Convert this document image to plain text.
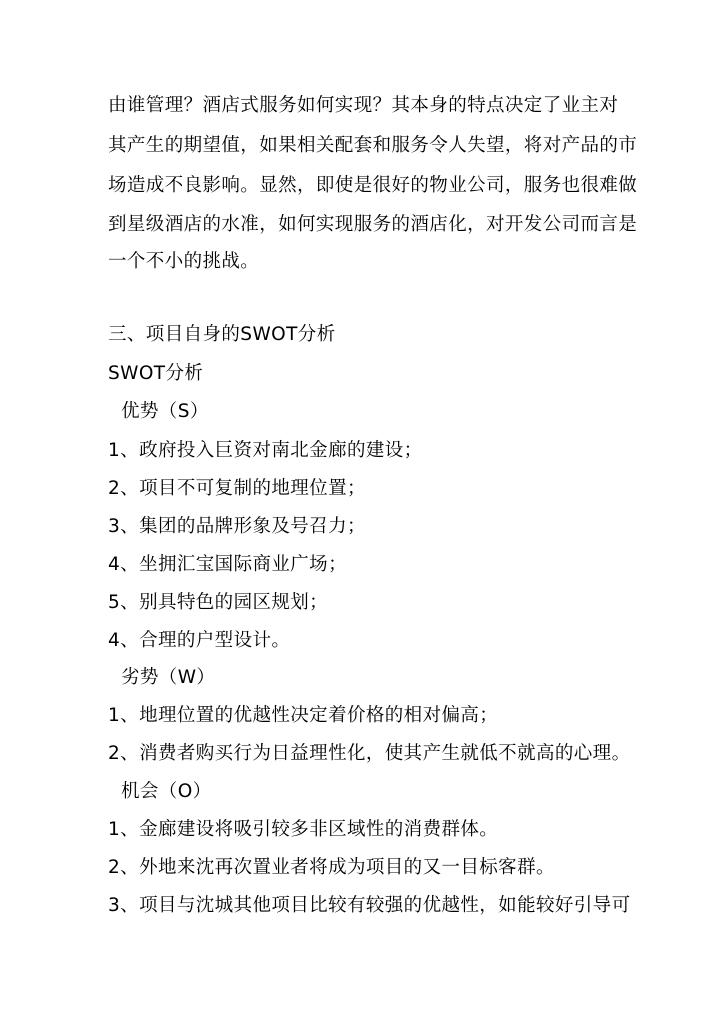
由谁管理？酒店式服务如何实现？其本身的特点决定了业主对

其产生的期望值，如果相关配套和服务令人失望，将对产品的市

场造成不良影响。显然，即使是很好的物业公司，服务也很难做

到星级酒店的水准，如何实现服务的酒店化，对开发公司而言是

一个不小的挑战。

三、项目自身的SWOT分析

SWOT分析

优势（S）

1、政府投入巨资对南北金廊的建设；

2、项目不可复制的地理位置；

3、集团的品牌形象及号召力；

4、坐拥汇宝国际商业广场；

5、别具特色的园区规划；

4、合理的户型设计。

劣势（W）

1、地理位置的优越性决定着价格的相对偏高；

2、消费者购买行为日益理性化，使其产生就低不就高的心理。

机会（O）

1、金廊建设将吸引较多非区域性的消费群体。

2、外地来沈再次置业者将成为项目的又一目标客群。

3、项目与沈城其他项目比较有较强的优越性，如能较好引导可
